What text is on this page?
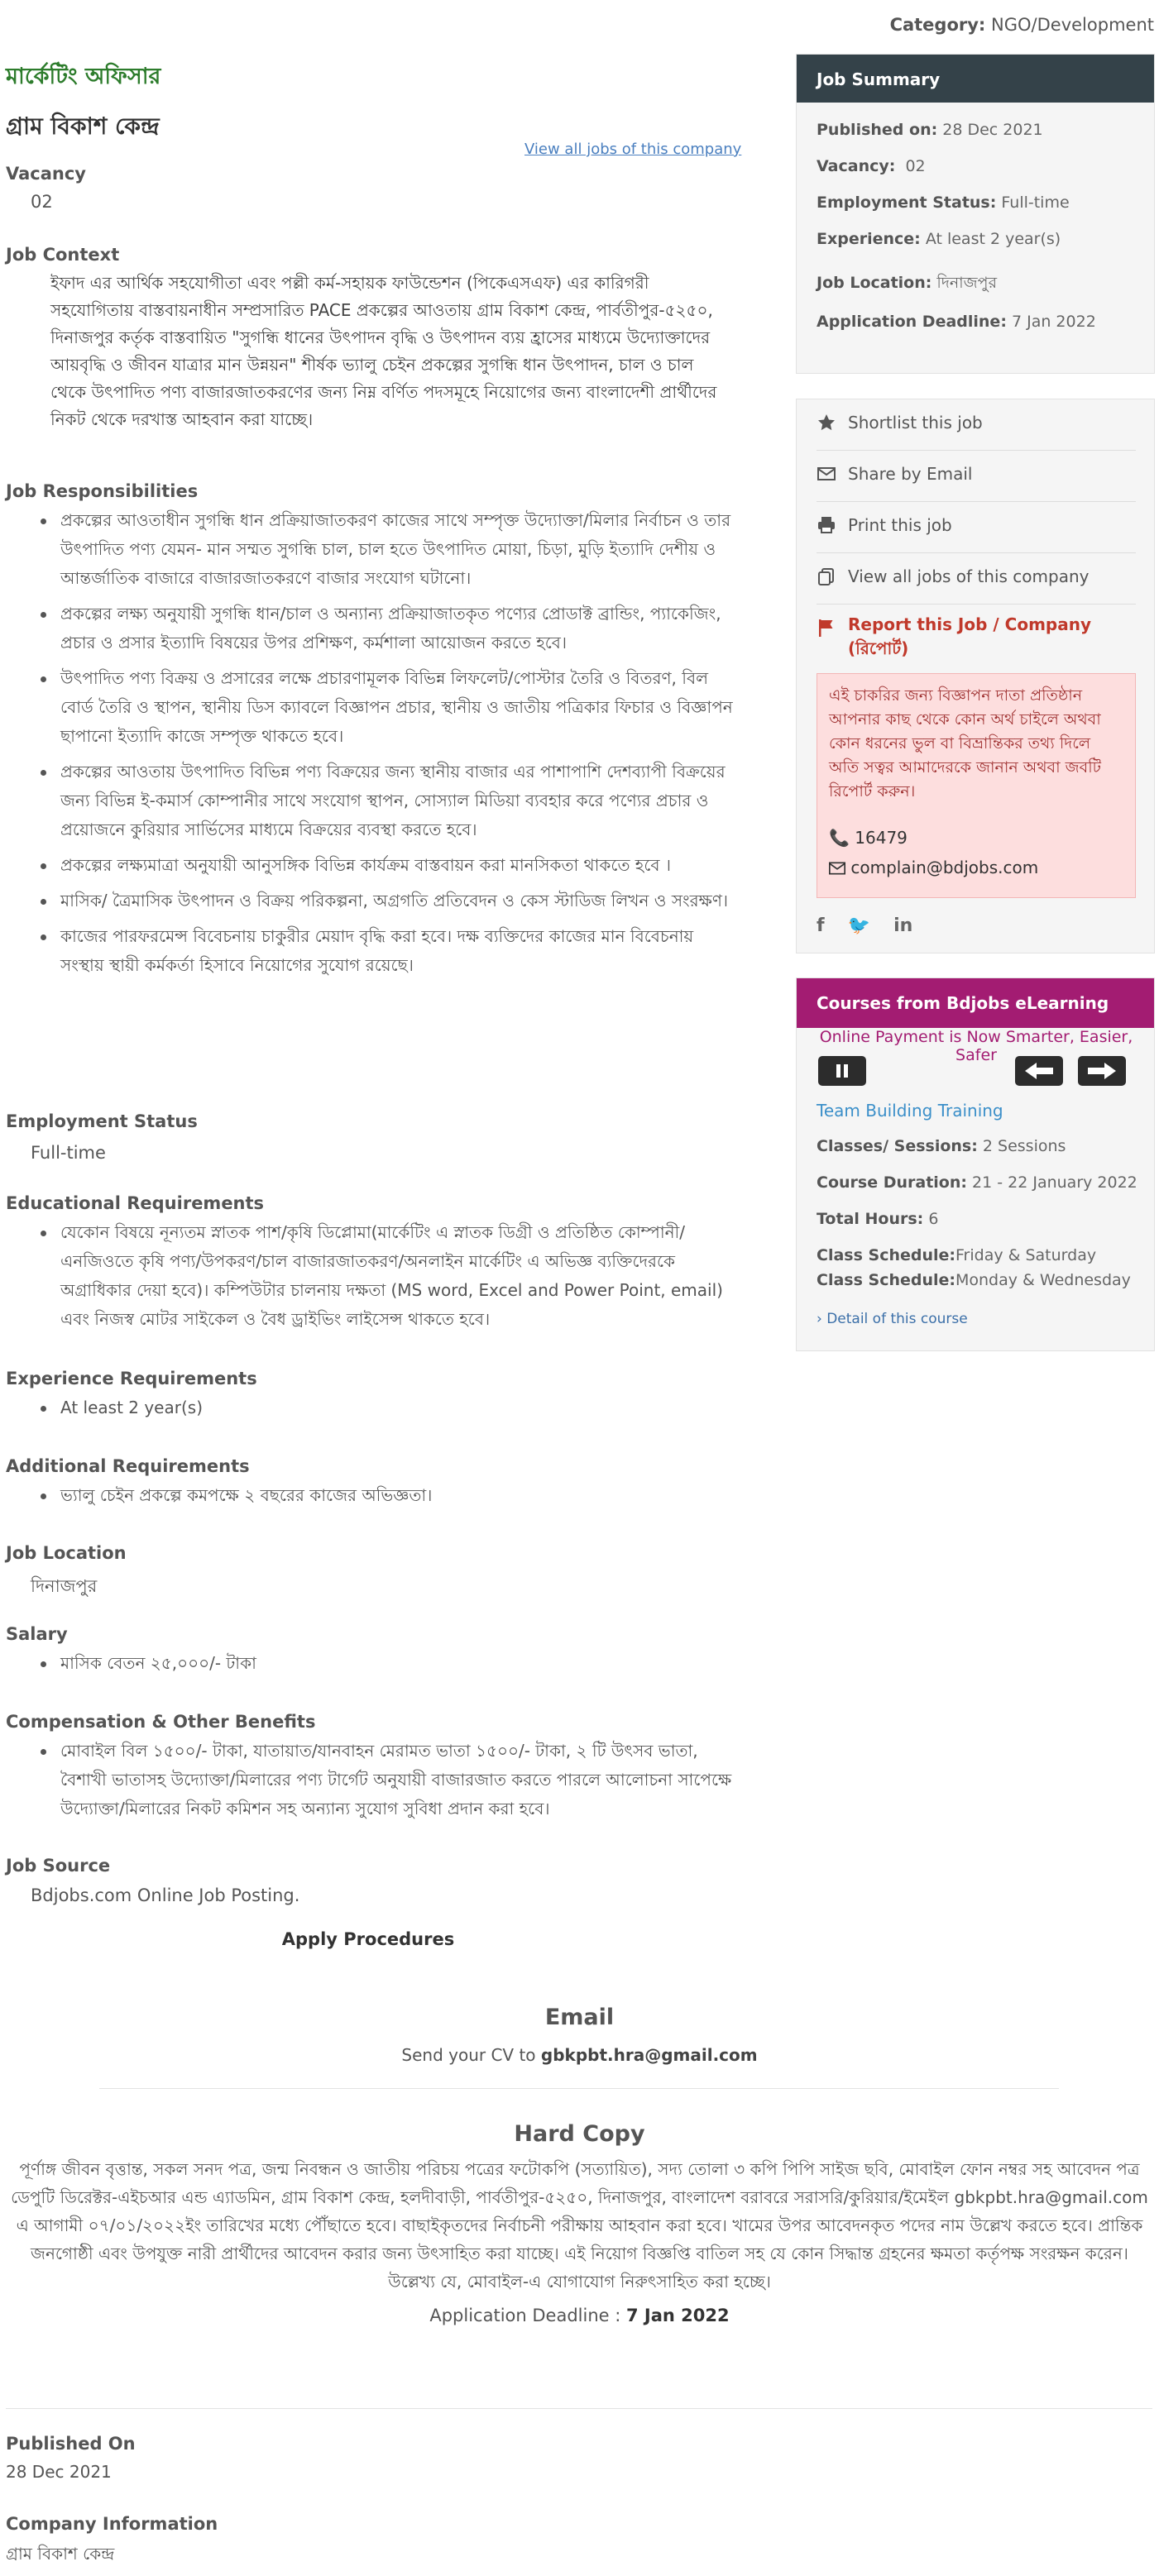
Category: NGO/Development
মার্কেটিং অফিসার
গ্রাম বিকাশ কেন্দ্র
View all jobs of this company
Vacancy
02
Job Context
ইফাদ এর আর্থিক সহযোগীতা এবং পল্লী কর্ম-সহায়ক ফাউন্ডেশন (পিকেএসএফ) এর কারিগরী সহযোগিতায় বাস্তবায়নাধীন সম্প্রসারিত PACE প্রকল্পের আওতায় গ্রাম বিকাশ কেন্দ্র, পার্বতীপুর-৫২৫০, দিনাজপুর কর্তৃক বাস্তবায়িত "সুগন্ধি ধানের উৎপাদন বৃদ্ধি ও উৎপাদন ব্যয় হ্রাসের মাধ্যমে উদ্যোক্তাদের আয়বৃদ্ধি ও জীবন যাত্রার মান উন্নয়ন" শীর্ষক ভ্যালু চেইন প্রকল্পের সুগন্ধি ধান উৎপাদন, চাল ও চাল থেকে উৎপাদিত পণ্য বাজারজাতকরণের জন্য নিম্ন বর্ণিত পদসমূহে নিয়োগের জন্য বাংলাদেশী প্রার্থীদের নিকট থেকে দরখাস্ত আহবান করা যাচ্ছে।
Job Responsibilities
প্রকল্পের আওতাধীন সুগন্ধি ধান প্রক্রিয়াজাতকরণ কাজের সাথে সম্পৃক্ত উদ্যোক্তা/মিলার নির্বাচন ও তার উৎপাদিত পণ্য যেমন- মান সম্মত সুগন্ধি চাল, চাল হতে উৎপাদিত মোয়া, চিড়া, মুড়ি ইত্যাদি দেশীয় ও আন্তর্জাতিক বাজারে বাজারজাতকরণে বাজার সংযোগ ঘটানো।
প্রকল্পের লক্ষ্য অনুযায়ী সুগন্ধি ধান/চাল ও অন্যান্য প্রক্রিয়াজাতকৃত পণ্যের প্রোডাক্ট ব্রান্ডিং, প্যাকেজিং, প্রচার ও প্রসার ইত্যাদি বিষয়ের উপর প্রশিক্ষণ, কর্মশালা আয়োজন করতে হবে।
উৎপাদিত পণ্য বিক্রয় ও প্রসারের লক্ষে প্রচারণামূলক বিভিন্ন লিফলেট/পোস্টার তৈরি ও বিতরণ, বিল বোর্ড তৈরি ও স্থাপন, স্থানীয় ডিস ক্যাবলে বিজ্ঞাপন প্রচার, স্থানীয় ও জাতীয় পত্রিকার ফিচার ও বিজ্ঞাপন ছাপানো ইত্যাদি কাজে সম্পৃক্ত থাকতে হবে।
প্রকল্পের আওতায় উৎপাদিত বিভিন্ন পণ্য বিক্রয়ের জন্য স্থানীয় বাজার এর পাশাপাশি দেশব্যাপী বিক্রয়ের জন্য বিভিন্ন ই-কমার্স কোম্পানীর সাথে সংযোগ স্থাপন, সোস্যাল মিডিয়া ব্যবহার করে পণ্যের প্রচার ও প্রয়োজনে কুরিয়ার সার্ভিসের মাধ্যমে বিক্রয়ের ব্যবস্থা করতে হবে।
প্রকল্পের লক্ষ্যমাত্রা অনুযায়ী আনুসঙ্গিক বিভিন্ন কার্যক্রম বাস্তবায়ন করা মানসিকতা থাকতে হবে ।
মাসিক/ ত্রৈমাসিক উৎপাদন ও বিক্রয় পরিকল্পনা, অগ্রগতি প্রতিবেদন ও কেস স্টাডিজ লিখন ও সংরক্ষণ।
কাজের পারফরমেন্স বিবেচনায় চাকুরীর মেয়াদ বৃদ্ধি করা হবে। দক্ষ ব্যক্তিদের কাজের মান বিবেচনায় সংস্থায় স্থায়ী কর্মকর্তা হিসাবে নিয়োগের সুযোগ রয়েছে।
Employment Status
Full-time
Educational Requirements
যেকোন বিষয়ে নূন্যতম স্নাতক পাশ/কৃষি ডিপ্লোমা(মার্কেটিং এ স্নাতক ডিগ্রী ও প্রতিষ্ঠিত কোম্পানী/এনজিওতে কৃষি পণ্য/উপকরণ/চাল বাজারজাতকরণ/অনলাইন মার্কেটিং এ অভিজ্ঞ ব্যক্তিদেরকে অগ্রাধিকার দেয়া হবে)। কম্পিউটার চালনায় দক্ষতা (MS word, Excel and Power Point, email) এবং নিজস্ব মোটর সাইকেল ও বৈধ ড্রাইভিং লাইসেন্স থাকতে হবে।
Experience Requirements
At least 2 year(s)
Additional Requirements
ভ্যালু চেইন প্রকল্পে কমপক্ষে ২ বছরের কাজের অভিজ্ঞতা।
Job Location
দিনাজপুর
Salary
মাসিক বেতন ২৫,০০০/- টাকা
Compensation & Other Benefits
মোবাইল বিল ১৫০০/- টাকা, যাতায়াত/যানবাহন মেরামত ভাতা ১৫০০/- টাকা, ২ টি উৎসব ভাতা, বৈশাখী ভাতাসহ উদ্যোক্তা/মিলারের পণ্য টার্গেট অনুযায়ী বাজারজাত করতে পারলে আলোচনা সাপেক্ষে উদ্যোক্তা/মিলারের নিকট কমিশন সহ অন্যান্য সুযোগ সুবিধা প্রদান করা হবে।
Job Source
Bdjobs.com Online Job Posting.
Apply Procedures
Email
Send your CV to gbkpbt.hra@gmail.com
Hard Copy
পূর্ণাঙ্গ জীবন বৃত্তান্ত, সকল সনদ পত্র, জন্ম নিবন্ধন ও জাতীয় পরিচয় পত্রের ফটোকপি (সত্যায়িত), সদ্য তোলা ৩ কপি পিপি সাইজ ছবি, মোবাইল ফোন নম্বর সহ আবেদন পত্র ডেপুটি ডিরেক্টর-এইচআর এন্ড এ্যাডমিন, গ্রাম বিকাশ কেন্দ্র, হলদীবাড়ী, পার্বতীপুর-৫২৫০, দিনাজপুর, বাংলাদেশ বরাবরে সরাসরি/কুরিয়ার/ইমেইল gbkpbt.hra@gmail.com এ আগামী ০৭/০১/২০২২ইং তারিখের মধ্যে পৌঁছাতে হবে। বাছাইকৃতদের নির্বাচনী পরীক্ষায় আহবান করা হবে। খামের উপর আবেদনকৃত পদের নাম উল্লেখ করতে হবে। প্রান্তিক জনগোষ্ঠী এবং উপযুক্ত নারী প্রার্থীদের আবেদন করার জন্য উৎসাহিত করা যাচ্ছে। এই নিয়োগ বিজ্ঞপ্তি বাতিল সহ যে কোন সিদ্ধান্ত গ্রহনের ক্ষমতা কর্তৃপক্ষ সংরক্ষন করেন। উল্লেখ্য যে, মোবাইল-এ যোগাযোগ নিরুৎসাহিত করা হচ্ছে।
Application Deadline : 7 Jan 2022
Published On
28 Dec 2021
Company Information
গ্রাম বিকাশ কেন্দ্র
Job Summary
Published on: 28 Dec 2021
Vacancy: 02
Employment Status: Full-time
Experience: At least 2 year(s)
Job Location: দিনাজপুর
Application Deadline: 7 Jan 2022
Shortlist this job
Share by Email
Print this job
View all jobs of this company
Report this Job / Company (রিপোর্ট)
এই চাকরির জন্য বিজ্ঞাপন দাতা প্রতিষ্ঠান আপনার কাছ থেকে কোন অর্থ চাইলে অথবা কোন ধরনের ভুল বা বিভ্রান্তিকর তথ্য দিলে অতি সত্বর আমাদেরকে জানান অথবা জবটি রিপোর্ট করুন।
📞 16479
complain@bdjobs.com
f 🐦 in
Courses from Bdjobs eLearning
Online Payment is Now Smarter, Easier, Safer
Team Building Training
Classes/ Sessions: 2 Sessions
Course Duration: 21 - 22 January 2022
Total Hours: 6
Class Schedule:Friday & Saturday
Class Schedule:Monday & Wednesday
› Detail of this course
